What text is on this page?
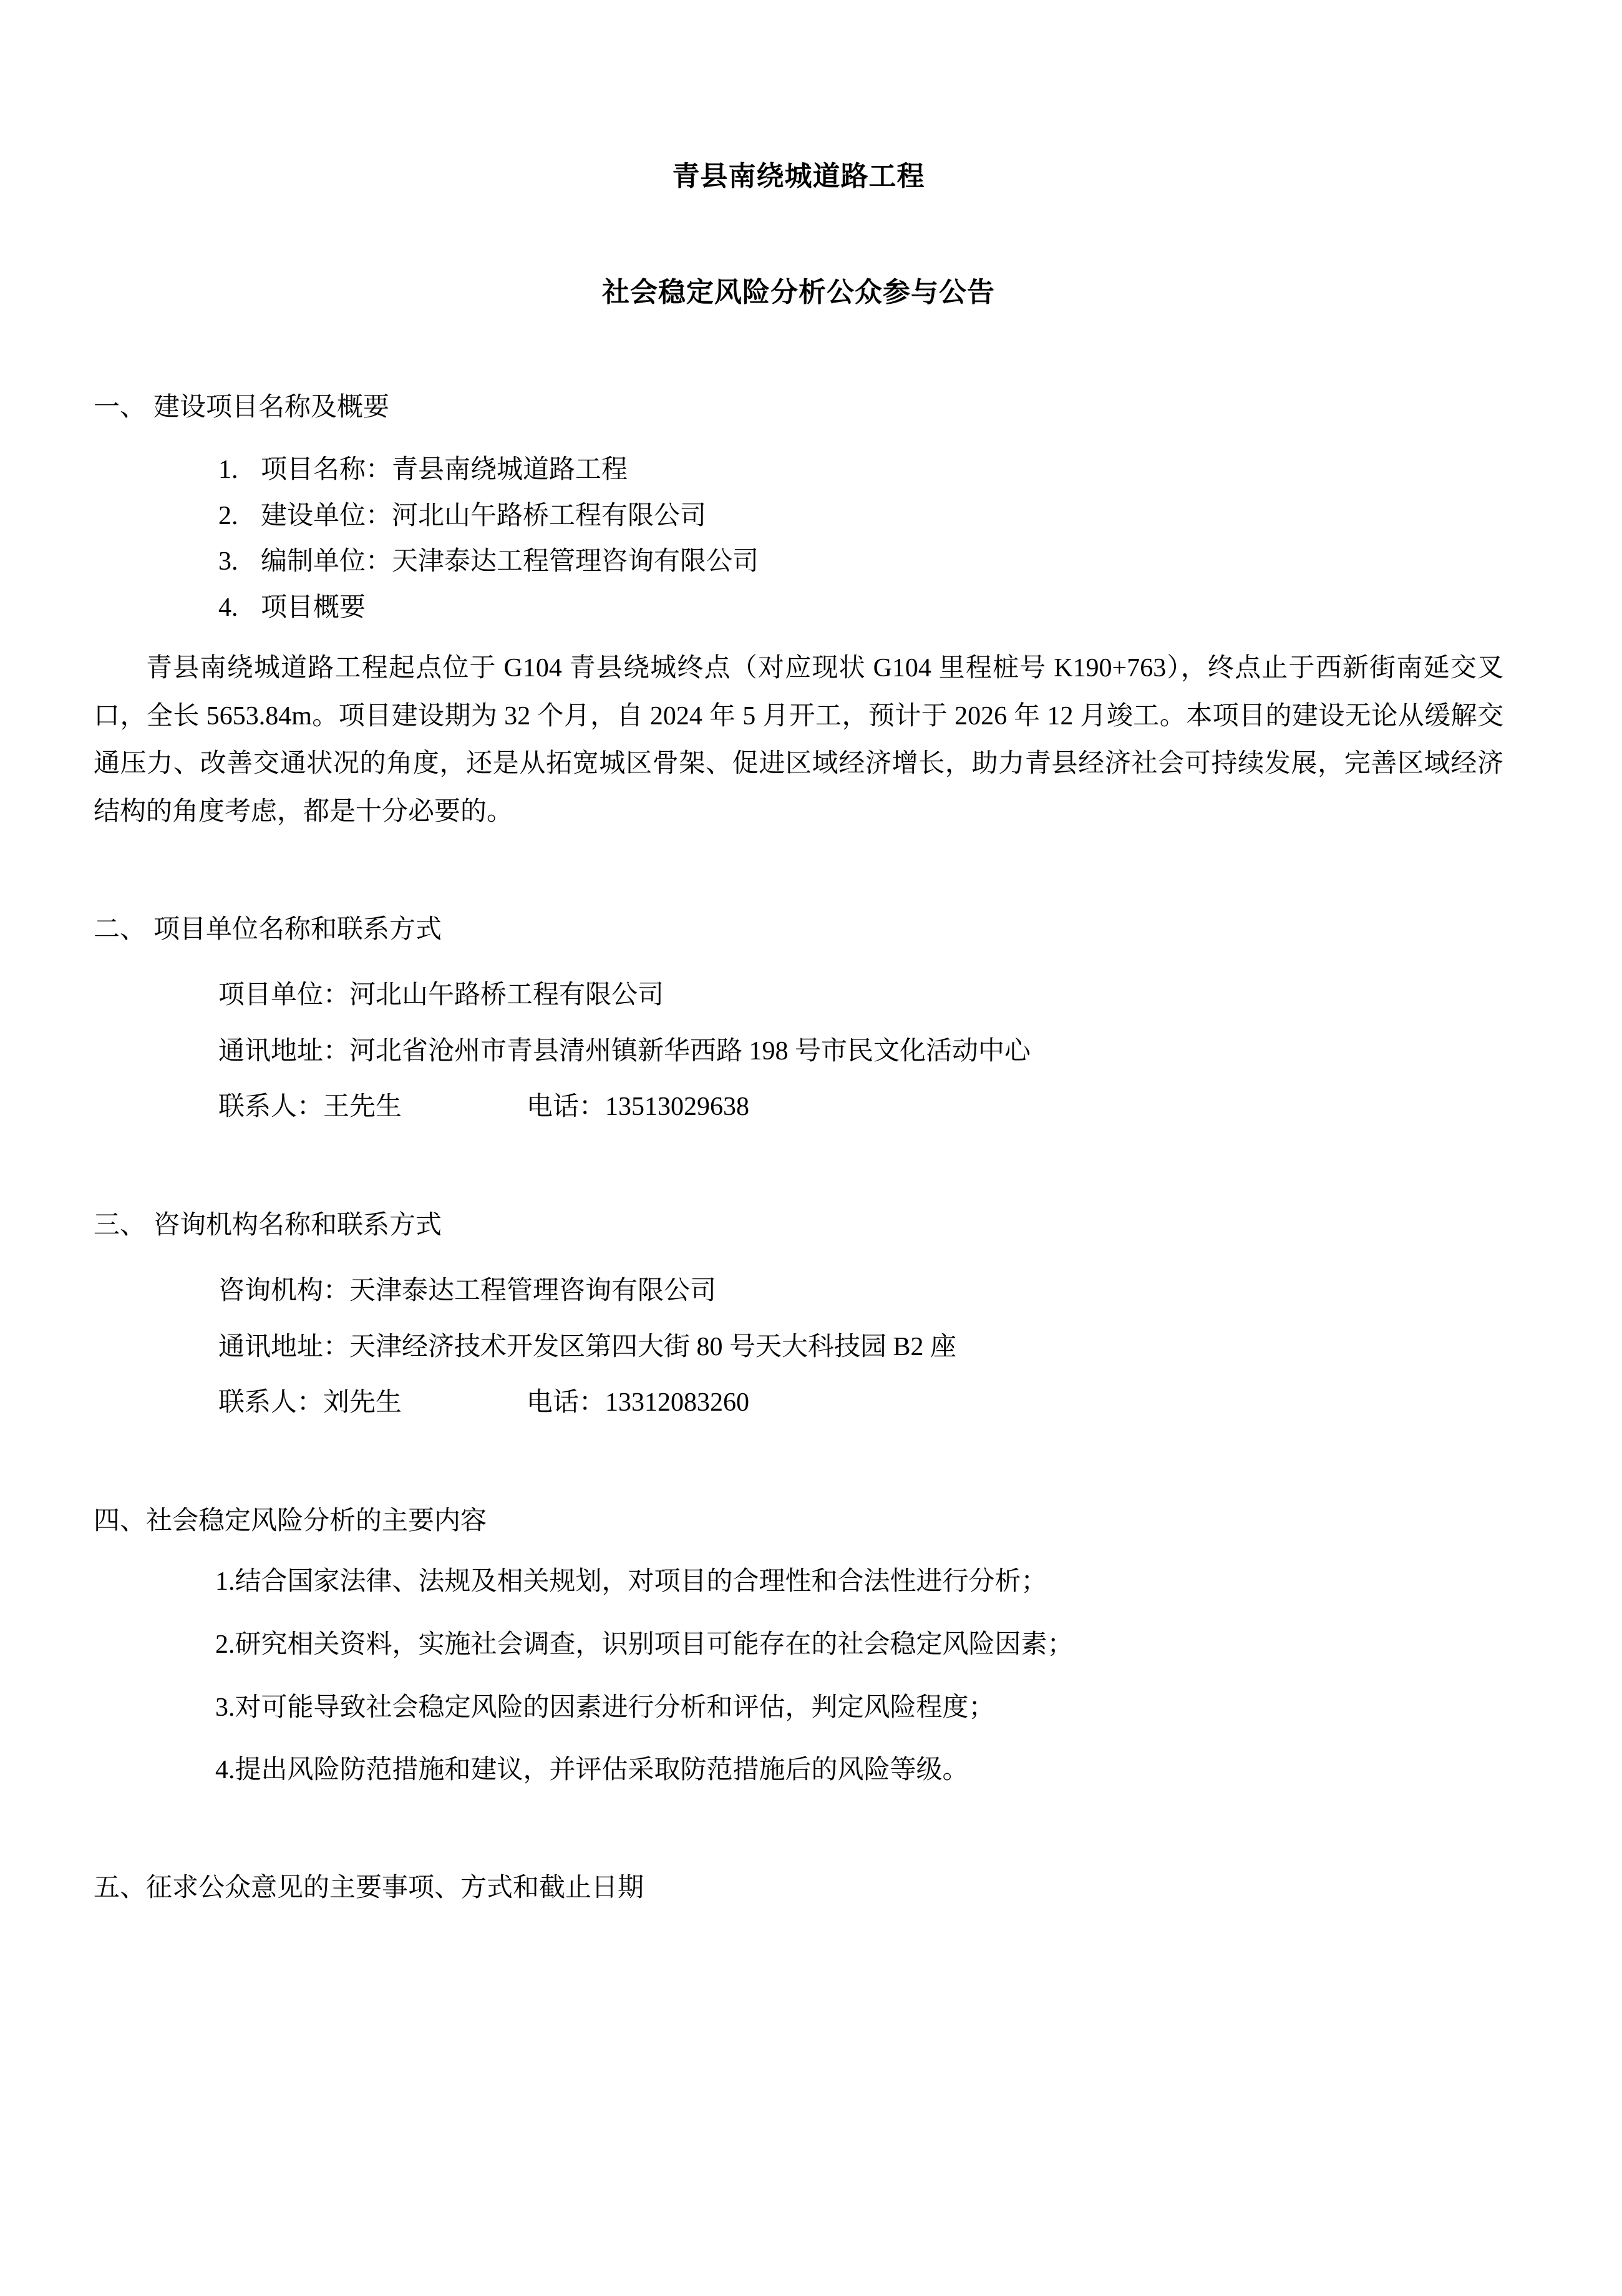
青县南绕城道路工程
社会稳定风险分析公众参与公告
一、 建设项目名称及概要
1. 项目名称：青县南绕城道路工程
2. 建设单位：河北山午路桥工程有限公司
3. 编制单位：天津泰达工程管理咨询有限公司
4. 项目概要

青县南绕城道路工程起点位于 G104 青县绕城终点（对应现状 G104 里程桩号 K190+763），终点止于西新街南延交叉口，全长 5653.84m。项目建设期为 32 个月，自 2024 年 5 月开工，预计于 2026 年 12 月竣工。本项目的建设无论从缓解交通压力、改善交通状况的角度，还是从拓宽城区骨架、促进区域经济增长，助力青县经济社会可持续发展，完善区域经济结构的角度考虑，都是十分必要的。

二、 项目单位名称和联系方式
项目单位：河北山午路桥工程有限公司
通讯地址：河北省沧州市青县清州镇新华西路 198 号市民文化活动中心
联系人：王先生	电话：13513029638
三、 咨询机构名称和联系方式
咨询机构：天津泰达工程管理咨询有限公司
通讯地址：天津经济技术开发区第四大街 80 号天大科技园 B2 座
联系人：刘先生	电话：13312083260
四、社会稳定风险分析的主要内容
1.结合国家法律、法规及相关规划，对项目的合理性和合法性进行分析；
2.研究相关资料，实施社会调查，识别项目可能存在的社会稳定风险因素；
3.对可能导致社会稳定风险的因素进行分析和评估，判定风险程度；
4.提出风险防范措施和建议，并评估采取防范措施后的风险等级。
五、征求公众意见的主要事项、方式和截止日期
